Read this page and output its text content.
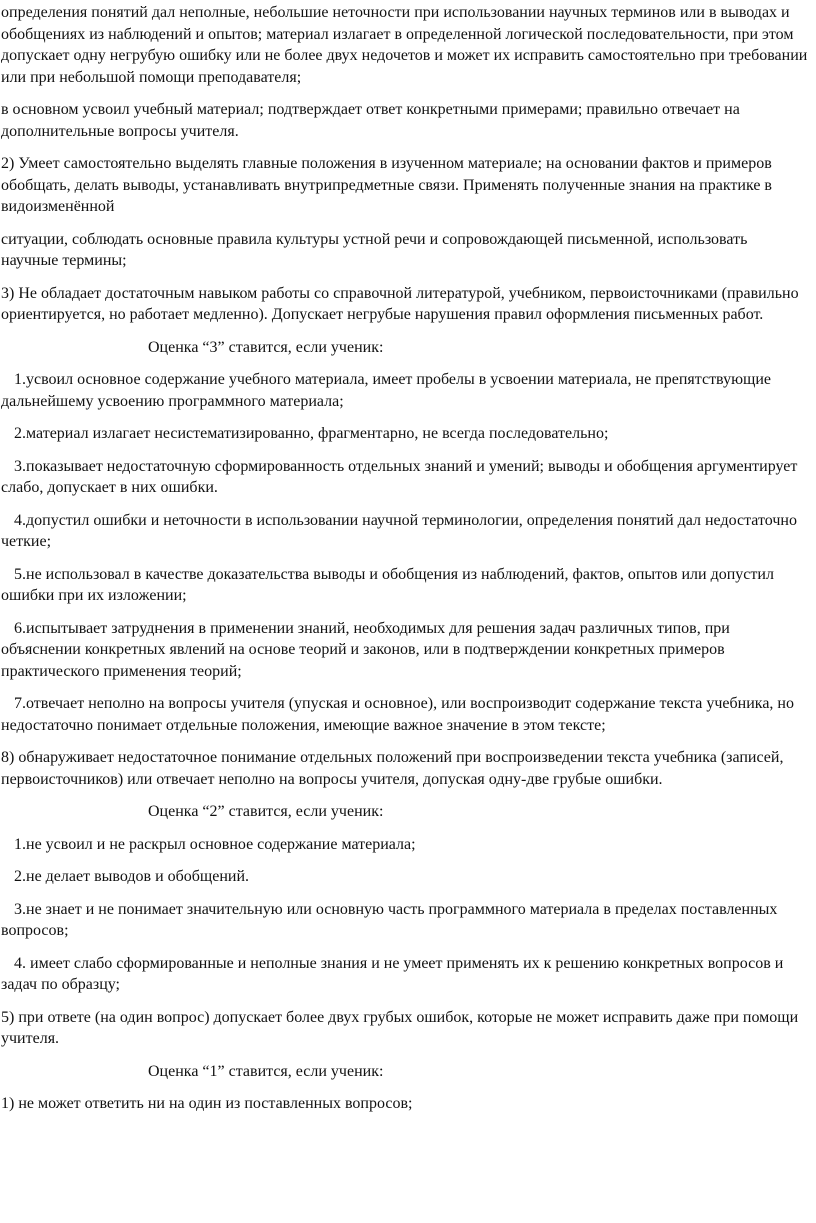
определения понятий дал неполные, небольшие неточности при использовании научных терминов или в выводах и обобщениях из наблюдений и опытов; материал излагает в определенной логической последовательности, при этом допускает одну негрубую ошибку или не более двух недочетов и может их исправить самостоятельно при требовании или при небольшой помощи преподавателя;

в основном усвоил учебный материал; подтверждает ответ конкретными примерами; правильно отвечает на дополнительные вопросы учителя.

2) Умеет самостоятельно выделять главные положения в изученном материале; на основании фактов и примеров обобщать, делать выводы, устанавливать внутрипредметные связи. Применять полученные знания на практике в видоизменённой

ситуации, соблюдать основные правила культуры устной речи и сопровождающей письменной, использовать научные термины;

3) Не обладает достаточным навыком работы со справочной литературой, учебником, первоисточниками (правильно ориентируется, но работает медленно). Допускает негрубые нарушения правил оформления письменных работ.

Оценка “3” ставится, если ученик:

1.усвоил основное содержание учебного материала, имеет пробелы в усвоении материала, не препятствующие дальнейшему усвоению программного материала;

2.материал излагает несистематизированно, фрагментарно, не всегда последовательно;

3.показывает недостаточную сформированность отдельных знаний и умений; выводы и обобщения аргументирует слабо, допускает в них ошибки.

4.допустил ошибки и неточности в использовании научной терминологии, определения понятий дал недостаточно четкие;

5.не использовал в качестве доказательства выводы и обобщения из наблюдений, фактов, опытов или допустил ошибки при их изложении;

6.испытывает затруднения в применении знаний, необходимых для решения задач различных типов, при объяснении конкретных явлений на основе теорий и законов, или в подтверждении конкретных примеров практического применения теорий;

7.отвечает неполно на вопросы учителя (упуская и основное), или воспроизводит содержание текста учебника, но недостаточно понимает отдельные положения, имеющие важное значение в этом тексте;

8) обнаруживает недостаточное понимание отдельных положений при воспроизведении текста учебника (записей, первоисточников) или отвечает неполно на вопросы учителя, допуская одну-две грубые ошибки.

Оценка “2” ставится, если ученик:

1.не усвоил и не раскрыл основное содержание материала;

2.не делает выводов и обобщений.

3.не знает и не понимает значительную или основную часть программного материала в пределах поставленных вопросов;

4. имеет слабо сформированные и неполные знания и не умеет применять их к решению конкретных вопросов и задач по образцу;

5) при ответе (на один вопрос) допускает более двух грубых ошибок, которые не может исправить даже при помощи учителя.

Оценка “1” ставится, если ученик:

1) не может ответить ни на один из поставленных вопросов;
